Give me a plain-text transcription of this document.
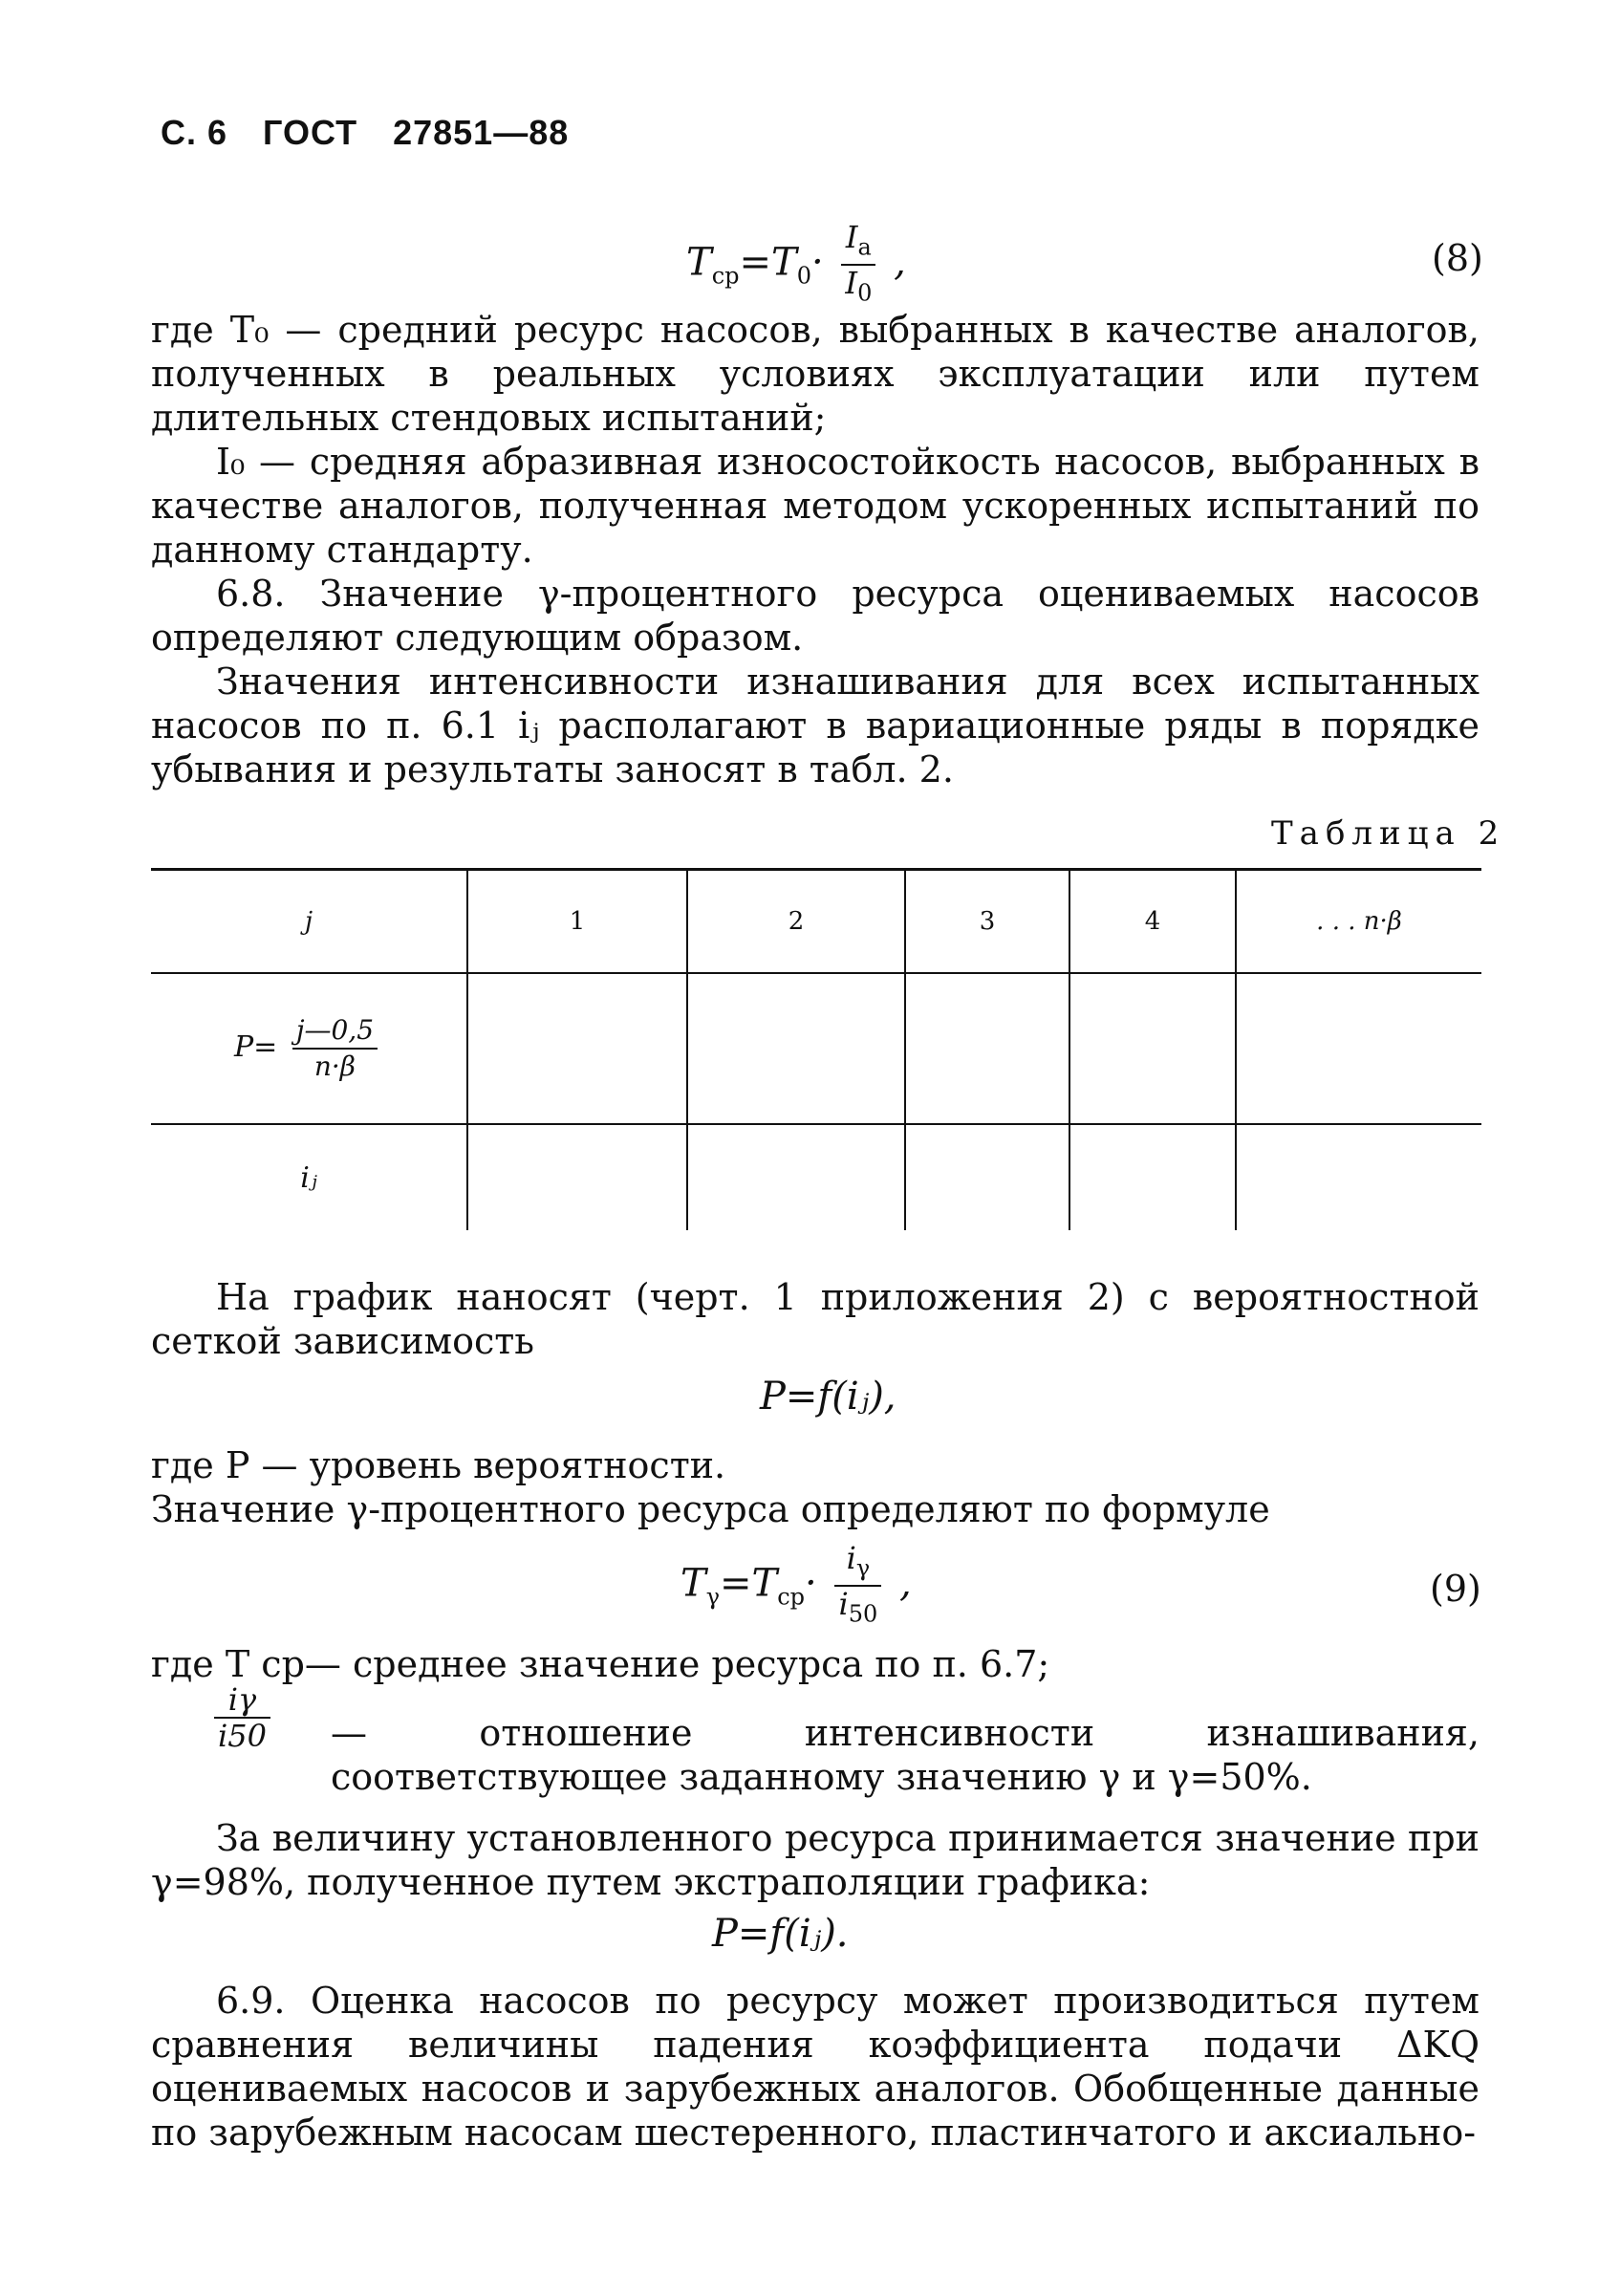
С. 6 ГОСТ 27851—88
$T_{ср}=T_0\cdot \frac{I_a}{I_0}$ ,	(8)
где T₀ — средний ресурс насосов, выбранных в качестве аналогов, полученных в реальных условиях эксплуатации или путем длительных стендовых испытаний;
I₀ — средняя абразивная износостойкость насосов, выбранных в качестве аналогов, полученная методом ускоренных испытаний по данному стандарту.
6.8. Значение γ-процентного ресурса оцениваемых насосов определяют следующим образом.
Значения интенсивности изнашивания для всех испытанных насосов по п. 6.1 iⱼ располагают в вариационные ряды в порядке убывания и результаты заносят в табл. 2.
Таблица 2
j	1	2	3	4	. . . n·β
$P= \frac{j—0,5}{n\cdot\beta}$

iⱼ					
На график наносят (черт. 1 приложения 2) с вероятностной сеткой зависимость
P=f(iⱼ),
где P — уровень вероятности.
Значение γ-процентного ресурса определяют по формуле
$T_\gamma=T_{ср}\cdot \frac{i_\gamma}{i_{50}}$ ,	(9)
где T ср— среднее значение ресурса по п. 6.7;
$\frac{i\gamma}{i50}$ — отношение интенсивности изнашивания, соответствующее заданному значению γ и γ=50%.
За величину установленного ресурса принимается значение при γ=98%, полученное путем экстраполяции графика:
P=f(iⱼ).
6.9. Оценка насосов по ресурсу может производиться путем сравнения величины падения коэффициента подачи ΔKQ оцениваемых насосов и зарубежных аналогов. Обобщенные данные по зарубежным насосам шестеренного, пластинчатого и аксиально-
